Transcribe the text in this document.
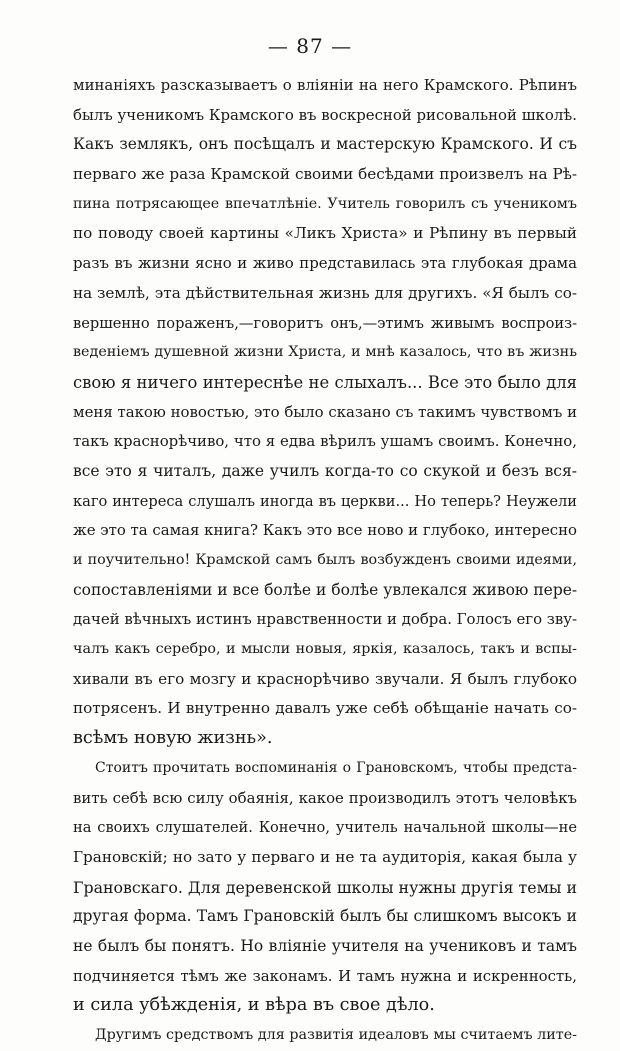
— 87 —
минаніяхъ разсказываетъ о вліяніи на него Крамского. Рѣпинъ
былъ ученикомъ Крамского въ воскресной рисовальной школѣ.
Какъ землякъ, онъ посѣщалъ и мастерскую Крамского. И съ
перваго же раза Крамской своими бесѣдами произвелъ на Рѣ-
пина потрясающее впечатлѣніе. Учитель говорилъ съ ученикомъ
по поводу своей картины «Ликъ Христа» и Рѣпину въ первый
разъ въ жизни ясно и живо представилась эта глубокая драма
на землѣ, эта дѣйствительная жизнь для другихъ. «Я былъ со-
вершенно пораженъ,—говоритъ онъ,—этимъ живымъ воспроиз-
веденіемъ душевной жизни Христа, и мнѣ казалось, что въ жизнь
свою я ничего интереснѣе не слыхалъ... Все это было для
меня такою новостью, это было сказано съ такимъ чувствомъ и
такъ краснорѣчиво, что я едва вѣрилъ ушамъ своимъ. Конечно,
все это я читалъ, даже училъ когда-то со скукой и безъ вся-
каго интереса слушалъ иногда въ церкви... Но теперь? Неужели
же это та самая книга? Какъ это все ново и глубоко, интересно
и поучительно! Крамской самъ былъ возбужденъ своими идеями,
сопоставленіями и все болѣе и болѣе увлекался живою пере-
дачей вѣчныхъ истинъ нравственности и добра. Голосъ его зву-
чалъ какъ серебро, и мысли новыя, яркія, казалось, такъ и вспы-
хивали въ его мозгу и краснорѣчиво звучали. Я былъ глубоко
потрясенъ. И внутренно давалъ уже себѣ обѣщаніе начать со-
всѣмъ новую жизнь».
Стоитъ прочитать воспоминанія о Грановскомъ, чтобы предста-
вить себѣ всю силу обаянія, какое производилъ этотъ человѣкъ
на своихъ слушателей. Конечно, учитель начальной школы—не
Грановскій; но зато у перваго и не та аудиторія, какая была у
Грановскаго. Для деревенской школы нужны другія темы и
другая форма. Тамъ Грановскій былъ бы слишкомъ высокъ и
не былъ бы понятъ. Но вліяніе учителя на учениковъ и тамъ
подчиняется тѣмъ же законамъ. И тамъ нужна и искренность,
и сила убѣжденія, и вѣра въ свое дѣло.
Другимъ средствомъ для развитія идеаловъ мы считаемъ лите-
